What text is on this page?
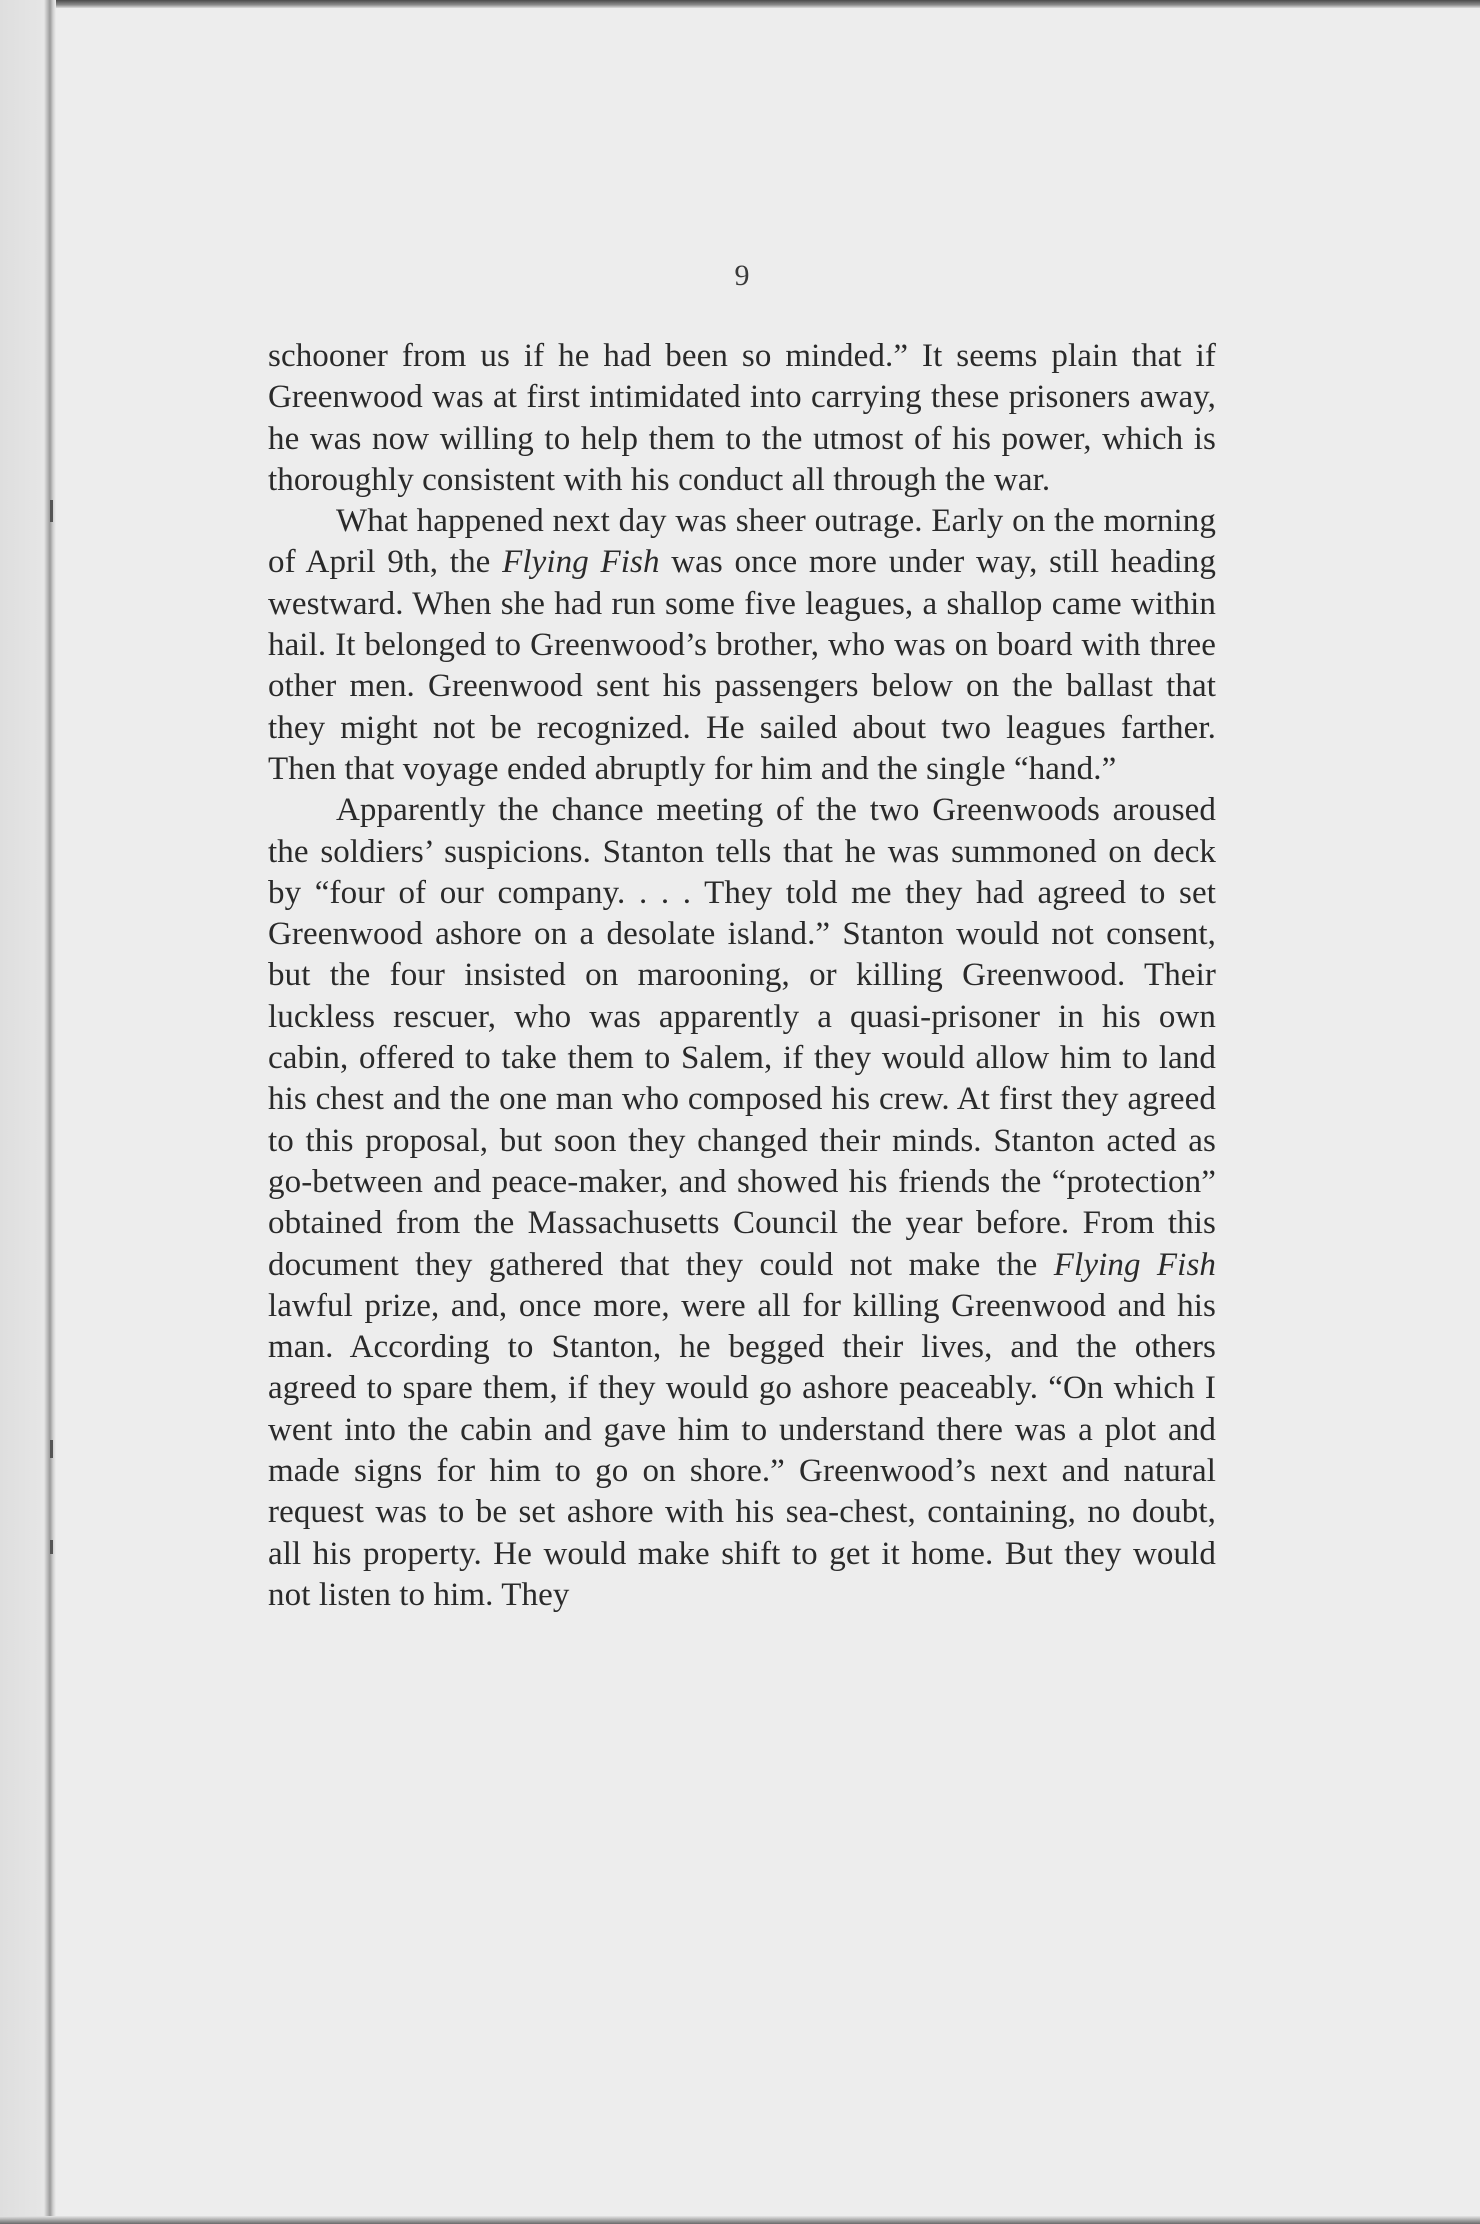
9

schooner from us if he had been so minded.” It seems plain that if Greenwood was at first intimidated into carrying these prisoners away, he was now willing to help them to the utmost of his power, which is thoroughly consistent with his conduct all through the war.

What happened next day was sheer outrage. Early on the morning of April 9th, the Flying Fish was once more under way, still heading westward. When she had run some five leagues, a shallop came within hail. It belonged to Greenwood’s brother, who was on board with three other men. Greenwood sent his passengers below on the ballast that they might not be recognized. He sailed about two leagues farther. Then that voyage ended abruptly for him and the single “hand.”

Apparently the chance meeting of the two Greenwoods aroused the soldiers’ suspicions. Stanton tells that he was summoned on deck by “four of our company. . . . They told me they had agreed to set Greenwood ashore on a desolate island.” Stanton would not consent, but the four insisted on marooning, or killing Greenwood. Their luckless rescuer, who was apparently a quasi-prisoner in his own cabin, offered to take them to Salem, if they would allow him to land his chest and the one man who composed his crew. At first they agreed to this proposal, but soon they changed their minds. Stanton acted as go-between and peace-maker, and showed his friends the “protection” obtained from the Massachusetts Council the year before. From this document they gathered that they could not make the Flying Fish lawful prize, and, once more, were all for killing Greenwood and his man. According to Stanton, he begged their lives, and the others agreed to spare them, if they would go ashore peaceably. “On which I went into the cabin and gave him to understand there was a plot and made signs for him to go on shore.” Greenwood’s next and natural request was to be set ashore with his sea-chest, containing, no doubt, all his property. He would make shift to get it home. But they would not listen to him. They
